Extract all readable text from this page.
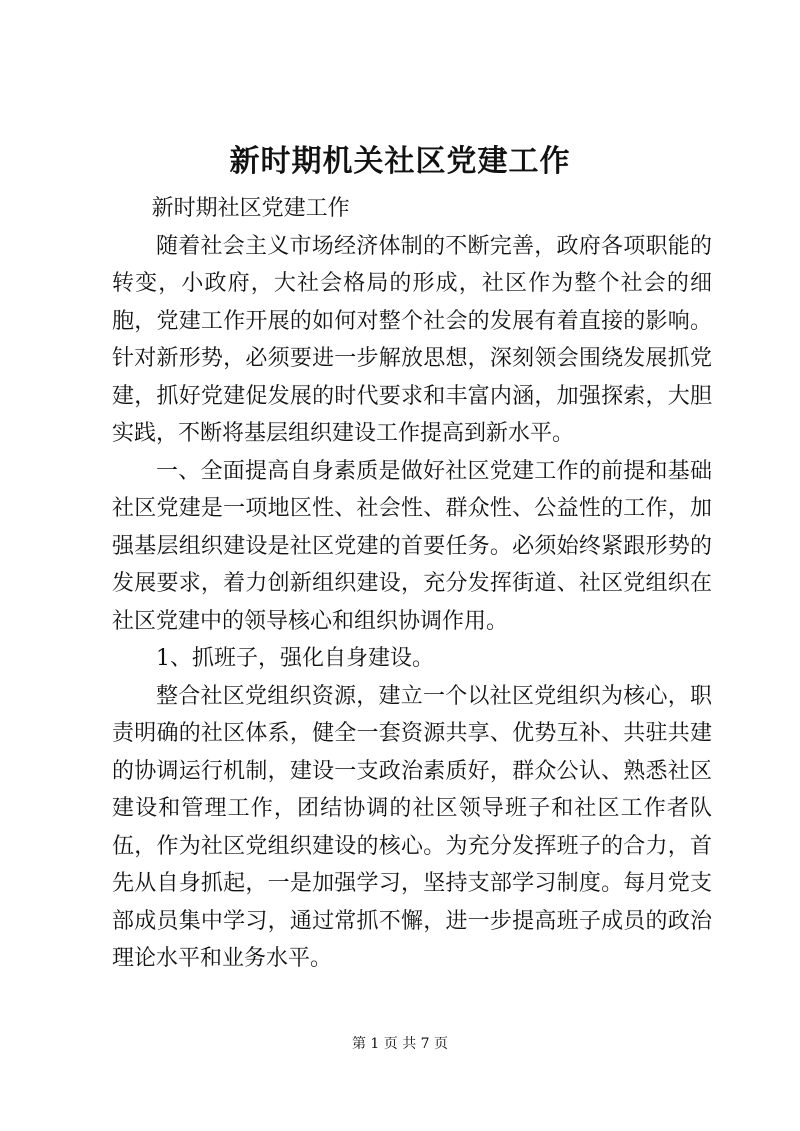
新时期机关社区党建工作

新时期社区党建工作

随着社会主义市场经济体制的不断完善，政府各项职能的转变，小政府，大社会格局的形成，社区作为整个社会的细胞，党建工作开展的如何对整个社会的发展有着直接的影响。针对新形势，必须要进一步解放思想，深刻领会围绕发展抓党建，抓好党建促发展的时代要求和丰富内涵，加强探索，大胆实践，不断将基层组织建设工作提高到新水平。

一、全面提高自身素质是做好社区党建工作的前提和基础社区党建是一项地区性、社会性、群众性、公益性的工作，加强基层组织建设是社区党建的首要任务。必须始终紧跟形势的发展要求，着力创新组织建设，充分发挥街道、社区党组织在社区党建中的领导核心和组织协调作用。

1、抓班子，强化自身建设。

整合社区党组织资源，建立一个以社区党组织为核心，职责明确的社区体系，健全一套资源共享、优势互补、共驻共建的协调运行机制，建设一支政治素质好，群众公认、熟悉社区建设和管理工作，团结协调的社区领导班子和社区工作者队伍，作为社区党组织建设的核心。为充分发挥班子的合力，首先从自身抓起，一是加强学习，坚持支部学习制度。每月党支部成员集中学习，通过常抓不懈，进一步提高班子成员的政治理论水平和业务水平。

第 1 页 共 7 页
